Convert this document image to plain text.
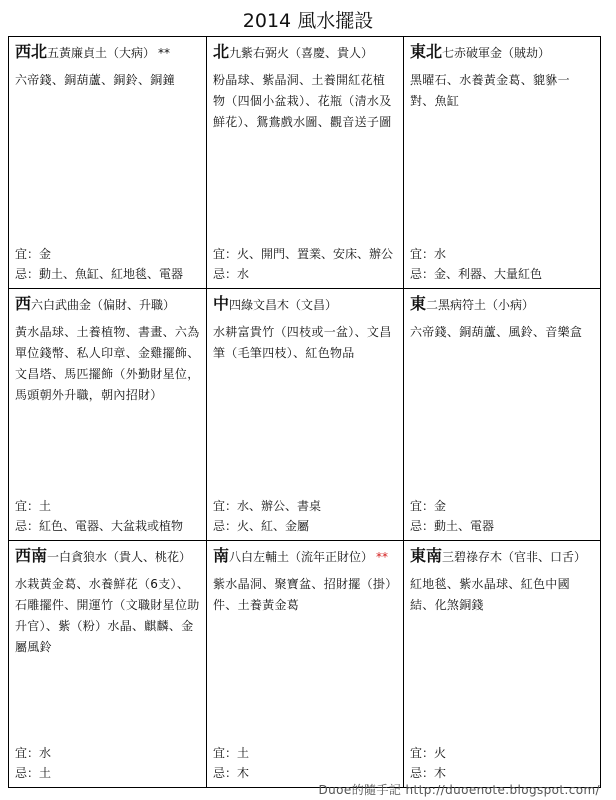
2014 風水擺設
西北五黃廉貞土（大病） **
六帝錢、銅葫蘆、銅鈴、銅鐘
宜：金
忌：動土、魚缸、紅地毯、電器
北九紫右弼火（喜慶、貴人）
粉晶球、紫晶洞、土養開紅花植物（四個小盆栽）、花瓶（清水及鮮花）、鴛鴦戲水圖、觀音送子圖
宜：火、開門、置業、安床、辦公
忌：水
東北七赤破軍金（賊劫）
黑曜石、水養黃金葛、貔貅一對、魚缸
宜：水
忌：金、利器、大量紅色
西六白武曲金（偏財、升職）
黃水晶球、土養植物、書畫、六為單位錢幣、私人印章、金雞擺飾、文昌塔、馬匹擺飾（外勤財星位，馬頭朝外升職，朝內招財）
宜：土
忌：紅色、電器、大盆栽或植物
中四綠文昌木（文昌）
水耕富貴竹（四枝或一盆）、文昌筆（毛筆四枝）、紅色物品
宜：水、辦公、書桌
忌：火、紅、金屬
東二黑病符土（小病）
六帝錢、銅葫蘆、風鈴、音樂盒
宜：金
忌：動土、電器
西南一白貪狼水（貴人、桃花）
水栽黃金葛、水養鮮花（6支）、石雕擺件、開運竹（文職財星位助升官）、紫（粉）水晶、麒麟、金屬風鈴
宜：水
忌：土
南八白左輔土（流年正財位） **
紫水晶洞、聚寶盆、招財擺（掛）件、土養黃金葛
宜：土
忌：木
東南三碧祿存木（官非、口舌）
紅地毯、紫水晶球、紅色中國結、化煞銅錢
宜：火
忌：木
Duoe的隨手記 http://duoenote.blogspot.com/
